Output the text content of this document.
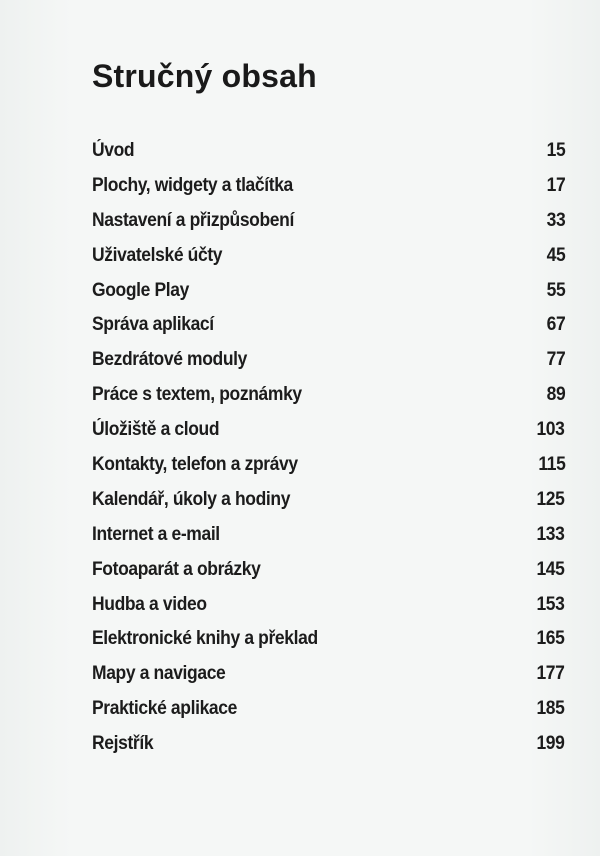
Stručný obsah
Úvod	15
Plochy, widgety a tlačítka	17
Nastavení a přizpůsobení	33
Uživatelské účty	45
Google Play	55
Správa aplikací	67
Bezdrátové moduly	77
Práce s textem, poznámky	89
Úložiště a cloud	103
Kontakty, telefon a zprávy	115
Kalendář, úkoly a hodiny	125
Internet a e-mail	133
Fotoaparát a obrázky	145
Hudba a video	153
Elektronické knihy a překlad	165
Mapy a navigace	177
Praktické aplikace	185
Rejstřík	199
